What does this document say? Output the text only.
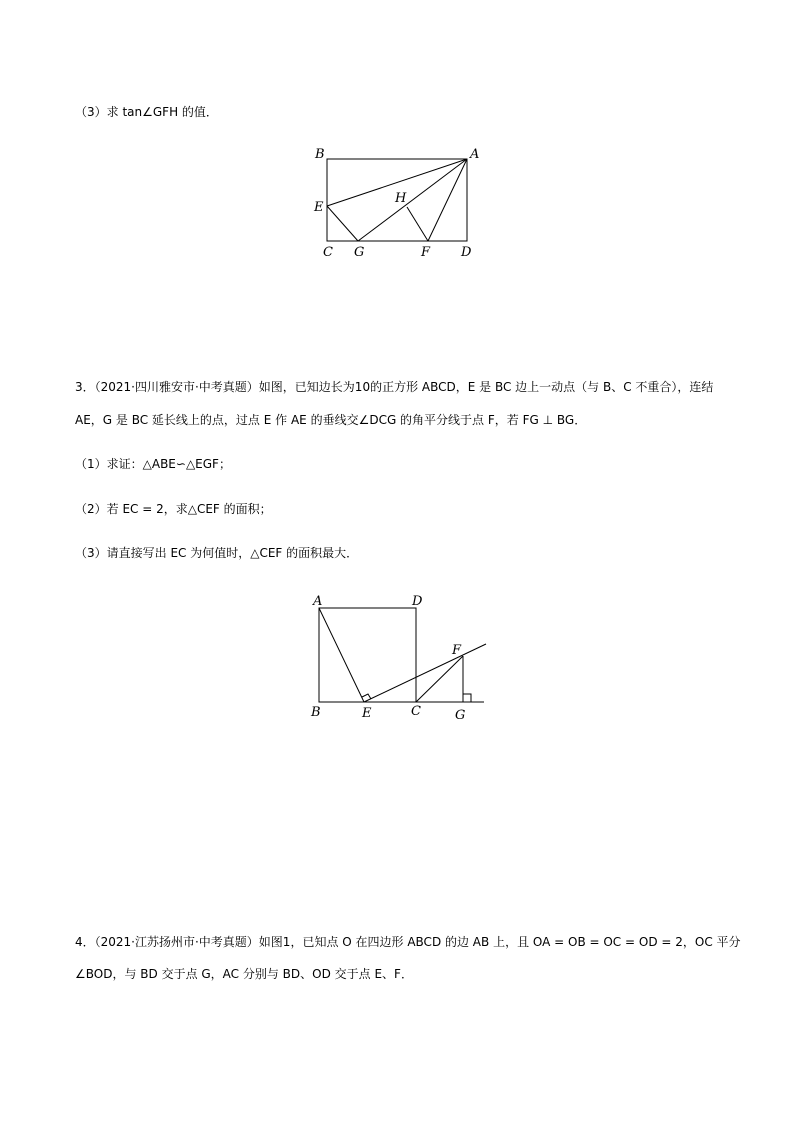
（3）求 tan∠GFH 的值．
B	A
E
H
C G	F D
3．（2021·四川雅安市·中考真题）如图，已知边长为10的正方形 ABCD，E 是 BC 边上一动点（与 B、C 不重合），连结
AE，G 是 BC 延长线上的点，过点 E 作 AE 的垂线交∠DCG 的角平分线于点 F，若 FG ⊥ BG．
（1）求证：△ABE∽△EGF；
（2）若 EC = 2，求△CEF 的面积；
（3）请直接写出 EC 为何值时，△CEF 的面积最大．
A	D
F
B	E	C	G
4．（2021·江苏扬州市·中考真题）如图1，已知点 O 在四边形 ABCD 的边 AB 上，且 OA = OB = OC = OD = 2，OC 平分
∠BOD，与 BD 交于点 G，AC 分别与 BD、OD 交于点 E、F．
